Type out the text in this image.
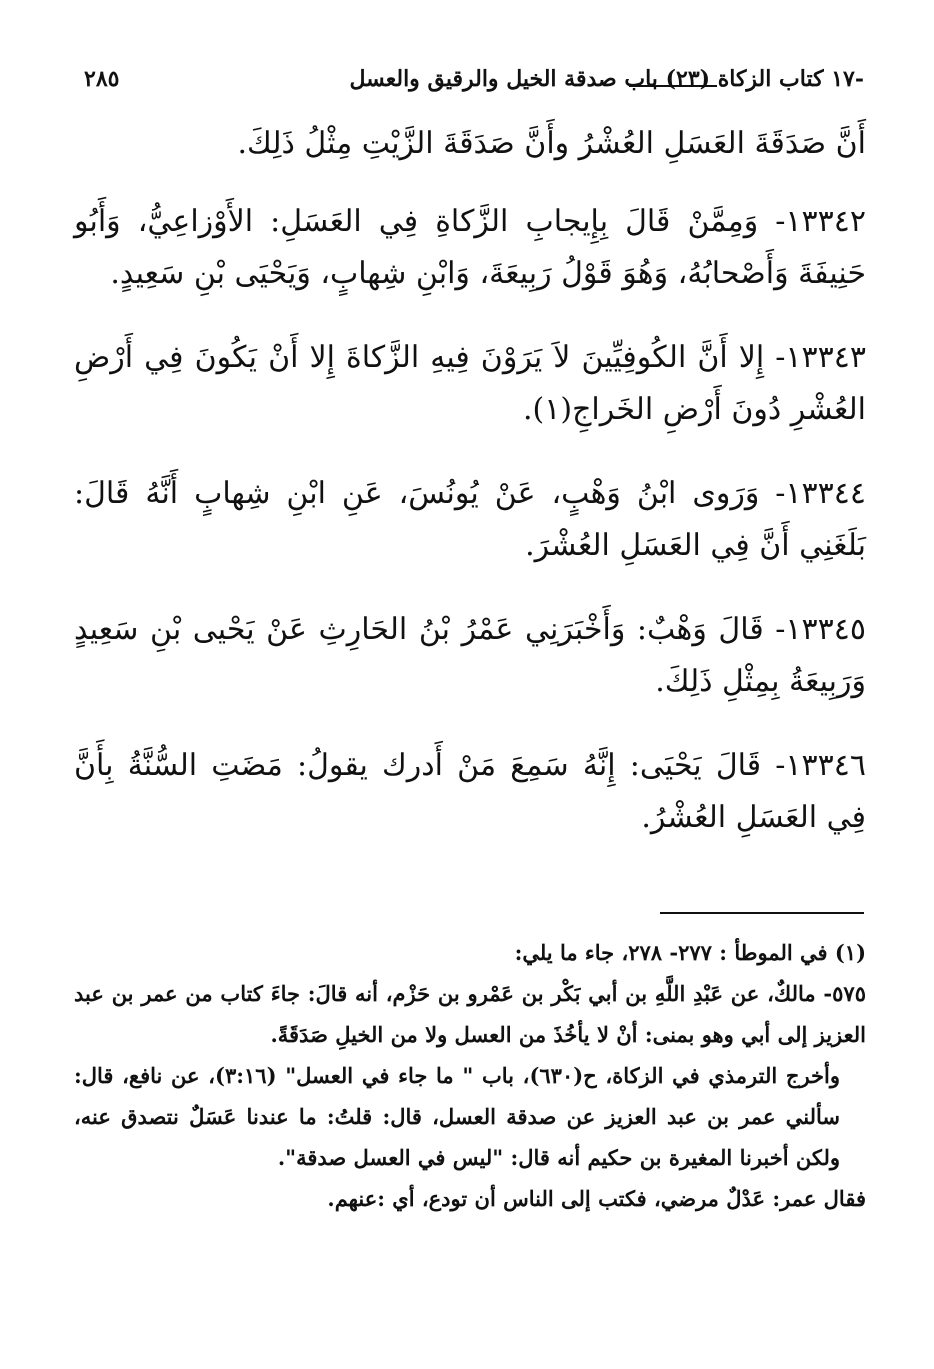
٢٨٥	-١٧ كتاب الزكاة (٢٣) باب صدقة الخيل والرقيق والعسل

أَنَّ صَدَقَةَ العَسَلِ العُشْرُ وأَنَّ صَدَقَةَ الزَّيْتِ مِثْلُ ذَلِكَ.

١٣٣٤٢- وَمِمَّنْ قَالَ بِإِيجابِ الزَّكاةِ فِي العَسَلِ: الأَوْزاعِيُّ، وَأَبُو حَنِيفَةَ وَأَصْحابُهُ، وَهُوَ قَوْلُ رَبِيعَةَ، وَابْنِ شِهابٍ، وَيَحْيَى بْنِ سَعِيدٍ.

١٣٣٤٣- إِلا أَنَّ الكُوفِيِّينَ لاَ يَرَوْنَ فِيهِ الزَّكاةَ إِلا أَنْ يَكُونَ فِي أَرْضِ العُشْرِ دُونَ أَرْضِ الخَراجِ(١).

١٣٣٤٤- وَرَوى ابْنُ وَهْبٍ، عَنْ يُونُسَ، عَنِ ابْنِ شِهابٍ أَنَّهُ قَالَ: بَلَغَنِي أَنَّ فِي العَسَلِ العُشْرَ.

١٣٣٤٥- قَالَ وَهْبٌ: وَأَخْبَرَنِي عَمْرُ بْنُ الحَارِثِ عَنْ يَحْيى بْنِ سَعِيدٍ وَرَبِيعَةُ بِمِثْلِ ذَلِكَ.

١٣٣٤٦- قَالَ يَحْيَى: إِنَّهُ سَمِعَ مَنْ أَدرك يقولُ: مَضَتِ السُّنَّةُ بِأَنَّ فِي العَسَلِ العُشْرُ.

(١) في الموطأ : ٢٧٧- ٢٧٨، جاء ما يلي:

٥٧٥- مالكٌ، عن عَبْدِ اللَّهِ بن أبي بَكْر بن عَمْرو بن حَزْم، أنه قالَ: جاءَ كتاب من عمر بن عبد العزيز إلى أبي وهو بمنى: أنْ لا يأخُذَ من العسل ولا من الخيلِ صَدَقَةً.

وأخرج الترمذي في الزكاة، ح(٦٣٠)، باب " ما جاء في العسل" (٣:١٦)، عن نافع، قال: سألني عمر بن عبد العزيز عن صدقة العسل، قال: قلتُ: ما عندنا عَسَلٌ نتصدق عنه، ولكن أخبرنا المغيرة بن حكيم أنه قال: "ليس في العسل صدقة".

فقال عمر: عَدْلٌ مرضي، فكتب إلى الناس أن تودع، أي :عنهم.
